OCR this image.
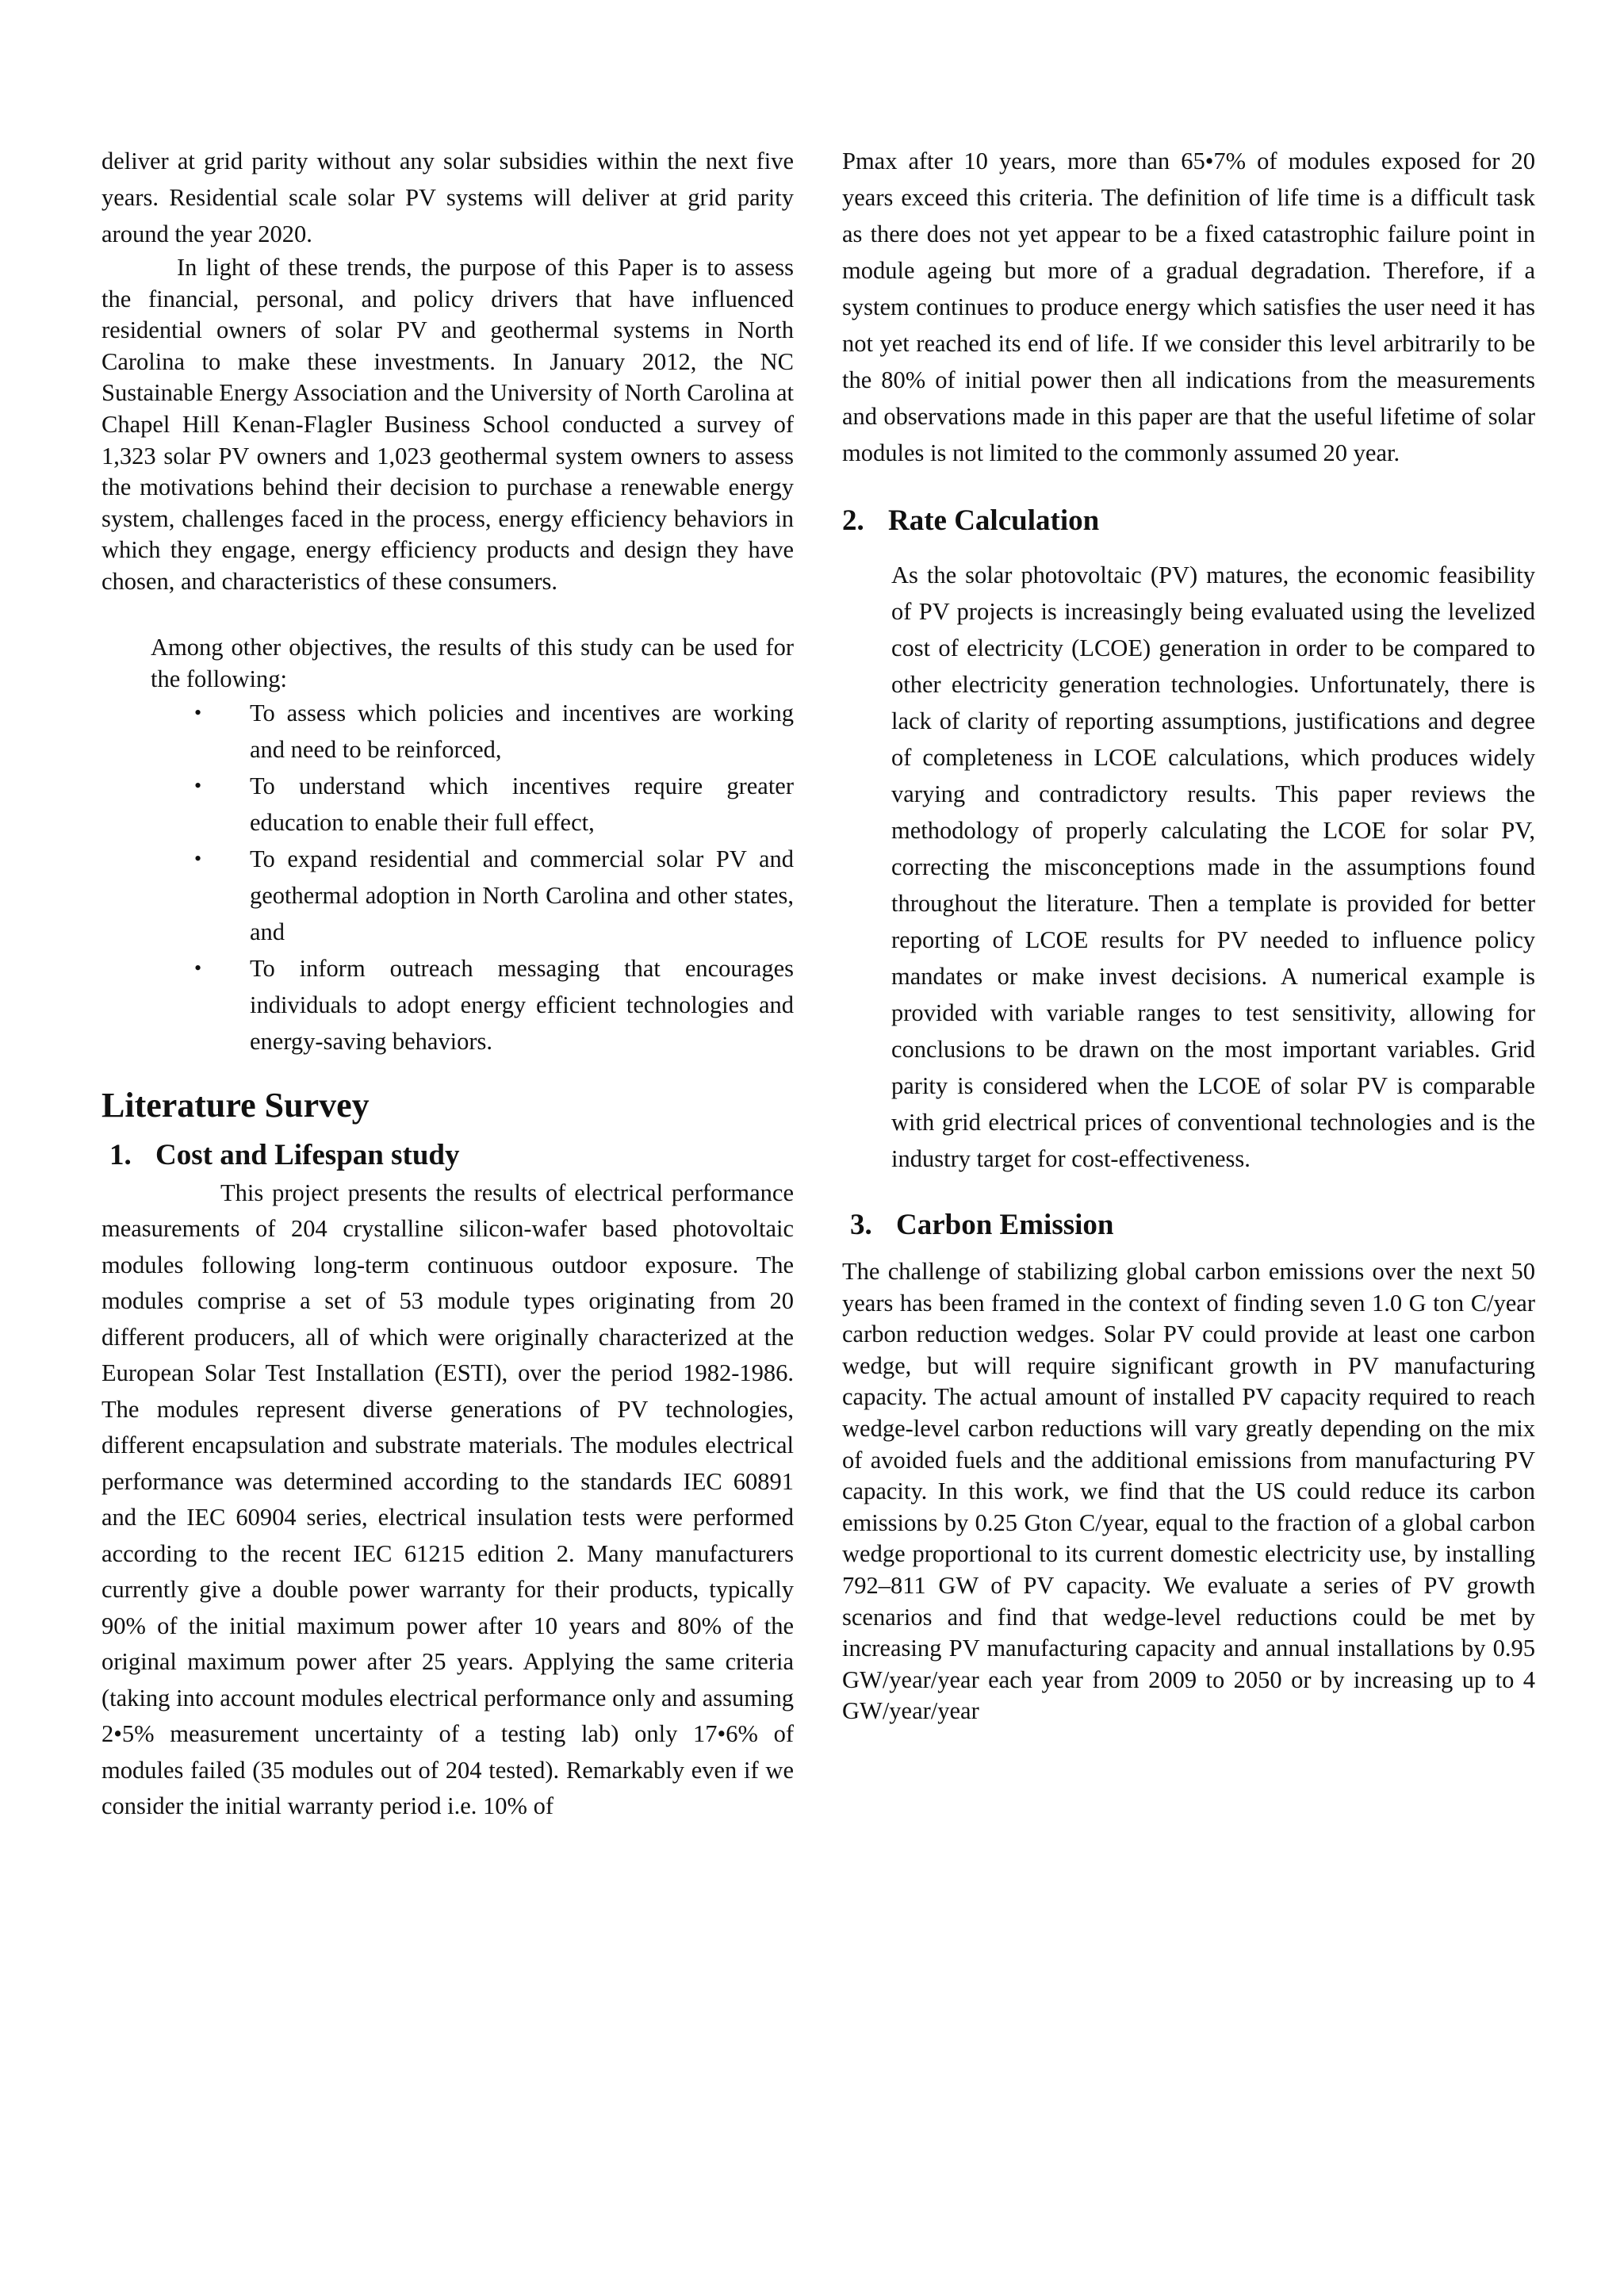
deliver at grid parity without any solar subsidies within the next five years. Residential scale solar PV systems will deliver at grid parity around the year 2020.

In light of these trends, the purpose of this Paper is to assess the financial, personal, and policy drivers that have influenced residential owners of solar PV and geothermal systems in North Carolina to make these investments. In January 2012, the NC Sustainable Energy Association and the University of North Carolina at Chapel Hill Kenan-Flagler Business School conducted a survey of 1,323 solar PV owners and 1,023 geothermal system owners to assess the motivations behind their decision to purchase a renewable energy system, challenges faced in the process, energy efficiency behaviors in which they engage, energy efficiency products and design they have chosen, and characteristics of these consumers.

Among other objectives, the results of this study can be used for the following:

• To assess which policies and incentives are working and need to be reinforced,
• To understand which incentives require greater education to enable their full effect,
• To expand residential and commercial solar PV and geothermal adoption in North Carolina and other states, and
• To inform outreach messaging that encourages individuals to adopt energy efficient technologies and energy-saving behaviors.
Literature Survey
1. Cost and Lifespan study

This project presents the results of electrical performance measurements of 204 crystalline silicon-wafer based photovoltaic modules following long-term continuous outdoor exposure. The modules comprise a set of 53 module types originating from 20 different producers, all of which were originally characterized at the European Solar Test Installation (ESTI), over the period 1982-1986. The modules represent diverse generations of PV technologies, different encapsulation and substrate materials. The modules electrical performance was determined according to the standards IEC 60891 and the IEC 60904 series, electrical insulation tests were performed according to the recent IEC 61215 edition 2. Many manufacturers currently give a double power warranty for their products, typically 90% of the initial maximum power after 10 years and 80% of the original maximum power after 25 years. Applying the same criteria (taking into account modules electrical performance only and assuming 2•5% measurement uncertainty of a testing lab) only 17•6% of modules failed (35 modules out of 204 tested). Remarkably even if we consider the initial warranty period i.e. 10% of

Pmax after 10 years, more than 65•7% of modules exposed for 20 years exceed this criteria. The definition of life time is a difficult task as there does not yet appear to be a fixed catastrophic failure point in module ageing but more of a gradual degradation. Therefore, if a system continues to produce energy which satisfies the user need it has not yet reached its end of life. If we consider this level arbitrarily to be the 80% of initial power then all indications from the measurements and observations made in this paper are that the useful lifetime of solar modules is not limited to the commonly assumed 20 year.

2. Rate Calculation

As the solar photovoltaic (PV) matures, the economic feasibility of PV projects is increasingly being evaluated using the levelized cost of electricity (LCOE) generation in order to be compared to other electricity generation technologies. Unfortunately, there is lack of clarity of reporting assumptions, justifications and degree of completeness in LCOE calculations, which produces widely varying and contradictory results. This paper reviews the methodology of properly calculating the LCOE for solar PV, correcting the misconceptions made in the assumptions found throughout the literature. Then a template is provided for better reporting of LCOE results for PV needed to influence policy mandates or make invest decisions. A numerical example is provided with variable ranges to test sensitivity, allowing for conclusions to be drawn on the most important variables. Grid parity is considered when the LCOE of solar PV is comparable with grid electrical prices of conventional technologies and is the industry target for cost-effectiveness.

3. Carbon Emission

The challenge of stabilizing global carbon emissions over the next 50 years has been framed in the context of finding seven 1.0 G ton C/year carbon reduction wedges. Solar PV could provide at least one carbon wedge, but will require significant growth in PV manufacturing capacity. The actual amount of installed PV capacity required to reach wedge-level carbon reductions will vary greatly depending on the mix of avoided fuels and the additional emissions from manufacturing PV capacity. In this work, we find that the US could reduce its carbon emissions by 0.25 Gton C/year, equal to the fraction of a global carbon wedge proportional to its current domestic electricity use, by installing 792–811 GW of PV capacity. We evaluate a series of PV growth scenarios and find that wedge-level reductions could be met by increasing PV manufacturing capacity and annual installations by 0.95 GW/year/year each year from 2009 to 2050 or by increasing up to 4 GW/year/year
